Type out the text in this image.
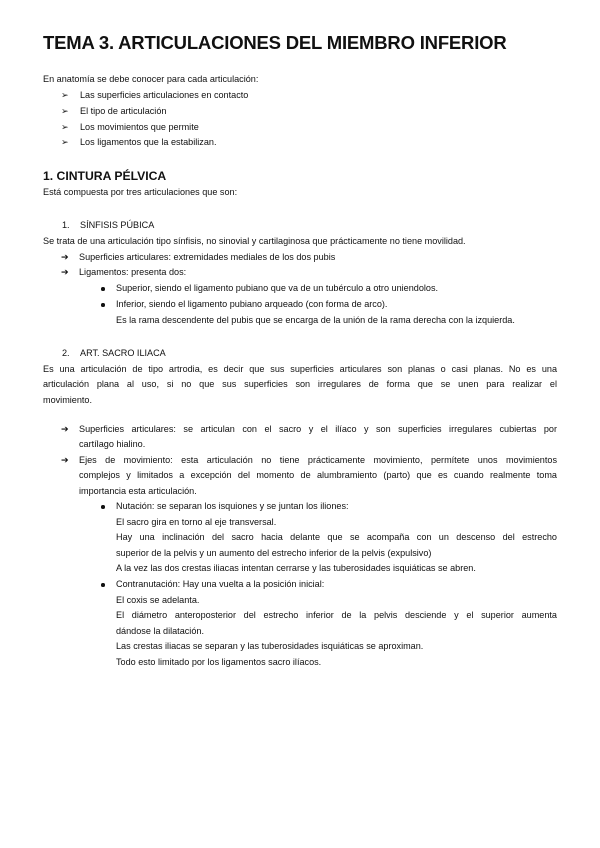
TEMA 3. ARTICULACIONES DEL MIEMBRO INFERIOR
En anatomía se debe conocer para cada articulación:
➢ Las superficies articulaciones en contacto
➢ El tipo de articulación
➢ Los movimientos que permite
➢ Los ligamentos que la estabilizan.
1. CINTURA PÉLVICA
Está compuesta por tres articulaciones que son:
1. SÍNFISIS PÚBICA
Se trata de una articulación tipo sínfisis, no sinovial y cartilaginosa que prácticamente no tiene movilidad.
➔ Superficies articulares: extremidades mediales de los dos pubis
➔ Ligamentos: presenta dos:
Superior, siendo el ligamento pubiano que va de un tubérculo a otro uniendolos.
Inferior, siendo el ligamento pubiano arqueado (con forma de arco).
Es la rama descendente del pubis que se encarga de la unión de la rama derecha con la izquierda.
2. ART. SACRO ILIACA
Es una articulación de tipo artrodia, es decir que sus superficies articulares son planas o casi planas. No es una
articulación plana al uso, si no que sus superficies son irregulares de forma que se unen para realizar el
movimiento.
➔ Superficies articulares: se articulan con el sacro y el ilíaco y son superficies irregulares cubiertas por
cartílago hialino.
➔ Ejes de movimiento: esta articulación no tiene prácticamente movimiento, permítete unos movimientos
complejos y limitados a excepción del momento de alumbramiento (parto) que es cuando realmente toma
importancia esta articulación.
Nutación: se separan los isquiones y se juntan los iliones:
El sacro gira en torno al eje transversal.
Hay una inclinación del sacro hacia delante que se acompaña con un descenso del estrecho
superior de la pelvis y un aumento del estrecho inferior de la pelvis (expulsivo)
A la vez las dos crestas iliacas intentan cerrarse y las tuberosidades isquiáticas se abren.
Contranutación: Hay una vuelta a la posición inicial:
El coxis se adelanta.
El diámetro anteroposterior del estrecho inferior de la pelvis desciende y el superior aumenta
dándose la dilatación.
Las crestas iliacas se separan y las tuberosidades isquiáticas se aproximan.
Todo esto limitado por los ligamentos sacro ilíacos.
